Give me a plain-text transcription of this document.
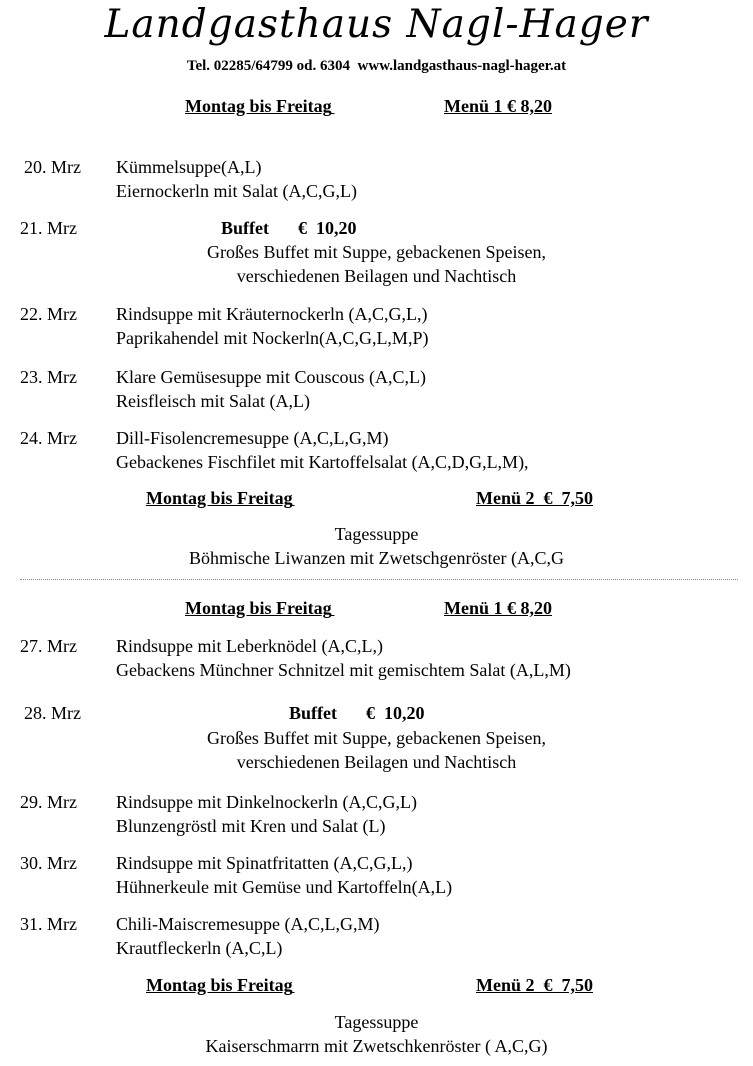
Landgasthaus Nagl-Hager
Tel. 02285/64799 od. 6304  www.landgasthaus-nagl-hager.at
Montag bis Freitag
	Menü 1 € 8,20
20. Mrz Kümmelsuppe(A,L)
Eiernockerln mit Salat (A,C,G,L)
21. Mrz	Buffet €  10,20
Großes Buffet mit Suppe, gebackenen Speisen,
verschiedenen Beilagen und Nachtisch
22. Mrz Rindsuppe mit Kräuternockerln (A,C,G,L,)
Paprikahendel mit Nockerln(A,C,G,L,M,P)
23. Mrz Klare Gemüsesuppe mit Couscous (A,C,L)
Reisfleisch mit Salat (A,L)
24. Mrz Dill-Fisolencremesuppe (A,C,L,G,M)
Gebackenes Fischfilet mit Kartoffelsalat (A,C,D,G,L,M),
Montag bis Freitag
	Menü 2  €  7,50
Tagessuppe
Böhmische Liwanzen mit Zwetschgenröster (A,C,G
Montag bis Freitag
	Menü 1 € 8,20
27. Mrz Rindsuppe mit Leberknödel (A,C,L,)
Gebackens Münchner Schnitzel mit gemischtem Salat (A,L,M)
28. Mrz	Buffet €  10,20
Großes Buffet mit Suppe, gebackenen Speisen,
verschiedenen Beilagen und Nachtisch
29. Mrz Rindsuppe mit Dinkelnockerln (A,C,G,L)
Blunzengröstl mit Kren und Salat (L)
30. Mrz Rindsuppe mit Spinatfritatten (A,C,G,L,)
Hühnerkeule mit Gemüse und Kartoffeln(A,L)
31. Mrz Chili-Maiscremesuppe (A,C,L,G,M)
Krautfleckerln (A,C,L)
Montag bis Freitag
	Menü 2  €  7,50
Tagessuppe
Kaiserschmarrn mit Zwetschkenröster ( A,C,G)
